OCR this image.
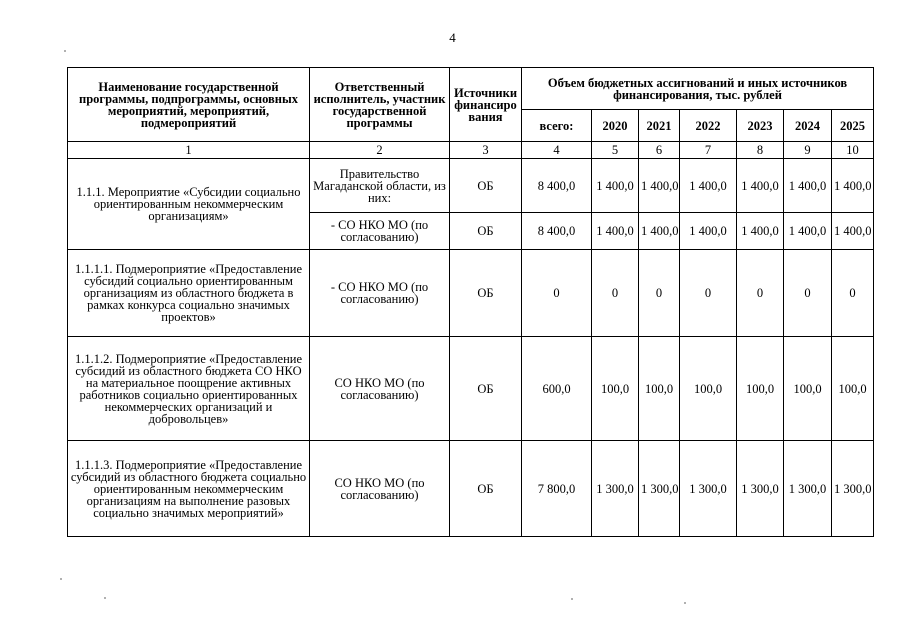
4
Наименование государственной программы, подпрограммы, основных мероприятий, мероприятий, подмероприятий	Ответственный исполнитель, участник государственной программы	Источники финансиро вания	Объем бюджетных ассигнований и иных источников финансирования, тыс. рублей						
			всего:	2020	2021	2022	2023	2024	2025
1	2	3	4	5	6	7	8	9	10
1.1.1. Мероприятие «Субсидии социально ориентированным некоммерческим организациям»	Правительство Магаданской области, из них:	ОБ	8 400,0	1 400,0	1 400,0	1 400,0	1 400,0	1 400,0	1 400,0
	- СО НКО МО (по согласованию)	ОБ	8 400,0	1 400,0	1 400,0	1 400,0	1 400,0	1 400,0	1 400,0
1.1.1.1. Подмероприятие «Предоставление субсидий социально ориентированным организациям из областного бюджета в рамках конкурса социально значимых проектов»	- СО НКО МО (по согласованию)	ОБ	0	0	0	0	0	0	0
1.1.1.2. Подмероприятие «Предоставление субсидий из областного бюджета СО НКО на материальное поощрение активных работников социально ориентированных некоммерческих организаций и добровольцев»	СО НКО МО (по согласованию)	ОБ	600,0	100,0	100,0	100,0	100,0	100,0	100,0
1.1.1.3. Подмероприятие «Предоставление субсидий из областного бюджета социально ориентированным некоммерческим организациям на выполнение разовых социально значимых мероприятий»	СО НКО МО (по согласованию)	ОБ	7 800,0	1 300,0	1 300,0	1 300,0	1 300,0	1 300,0	1 300,0
